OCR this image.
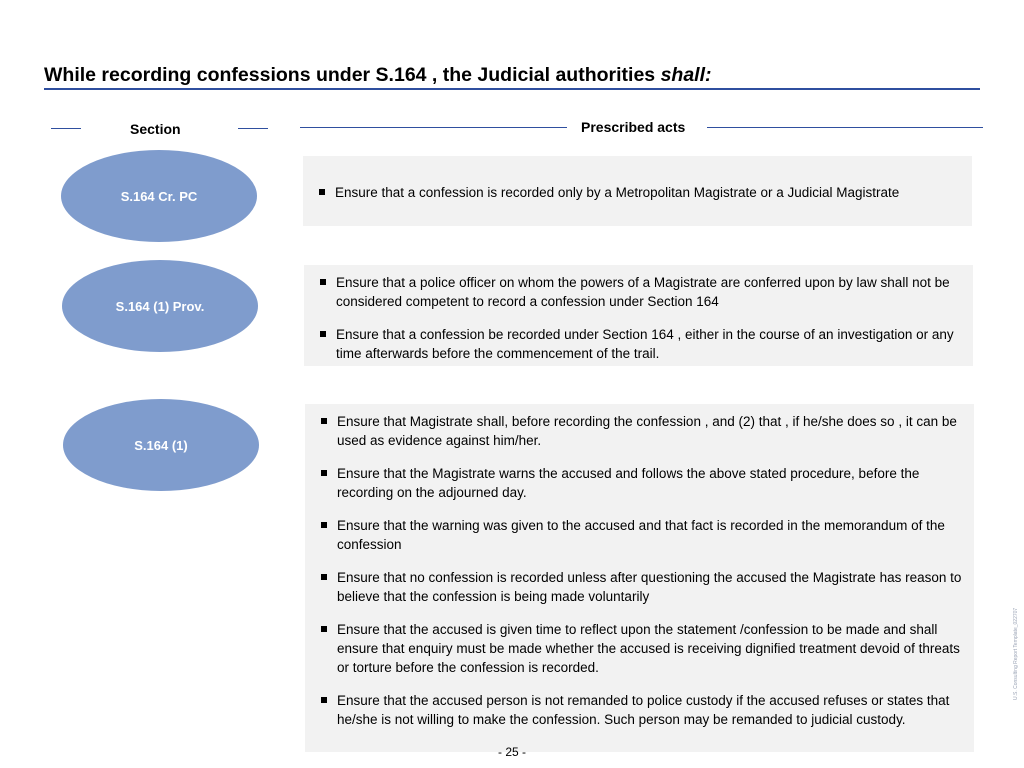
While recording confessions under S.164 , the Judicial authorities shall:
Section	Prescribed acts
S.164 Cr. PC	Ensure that a confession is recorded only by a Metropolitan Magistrate or a Judicial Magistrate
S.164 (1) Prov.
Ensure that a police officer on whom the powers of a Magistrate are conferred upon by law shall not be considered competent to record a confession under Section 164
Ensure that a confession be recorded under Section 164 , either in the course of an investigation or any time afterwards before the commencement of the trail.
S.164 (1)
Ensure that Magistrate shall, before recording the confession , and (2) that , if he/she does so , it can be used as evidence against him/her.
Ensure that the Magistrate warns the accused and follows the above stated procedure, before the recording on the adjourned day.
Ensure that the warning was given to the accused and that fact is recorded in the memorandum of the confession
Ensure that no confession is recorded unless after questioning the accused the Magistrate has reason to believe that the confession is being made voluntarily
Ensure that the accused is given time to reflect upon the statement /confession to be made and shall ensure that enquiry must be made whether the accused is receiving dignified treatment devoid of threats or torture before the confession is recorded.
Ensure that the accused person is not remanded to police custody if the accused refuses or states that he/she is not willing to make the confession. Such person may be remanded to judicial custody.
- 25 -
U.S. Consulting Report Template_022707
